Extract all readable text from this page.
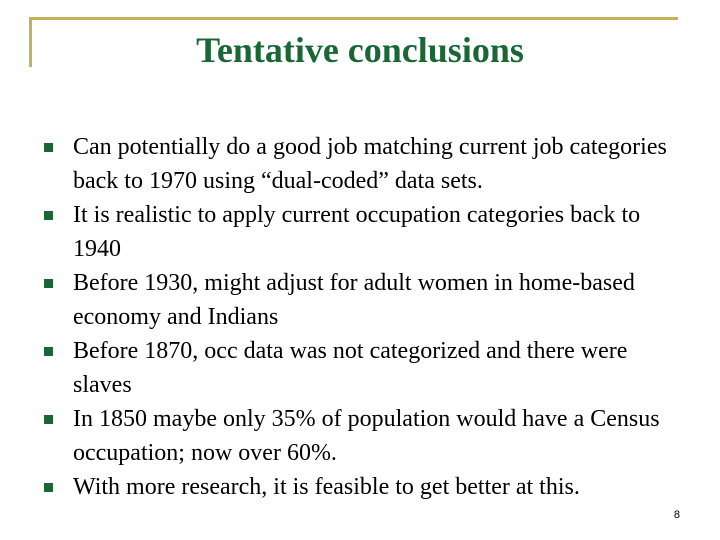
Tentative conclusions
Can potentially do a good job matching current job categories back to 1970 using “dual-coded” data sets.
It is realistic to apply current occupation categories back to 1940
Before 1930, might adjust for adult women in home-based economy and Indians
Before 1870, occ data was not categorized and there were slaves
In 1850 maybe only 35% of population would have a Census occupation; now over 60%.
With more research, it is feasible to get better at this.
8
